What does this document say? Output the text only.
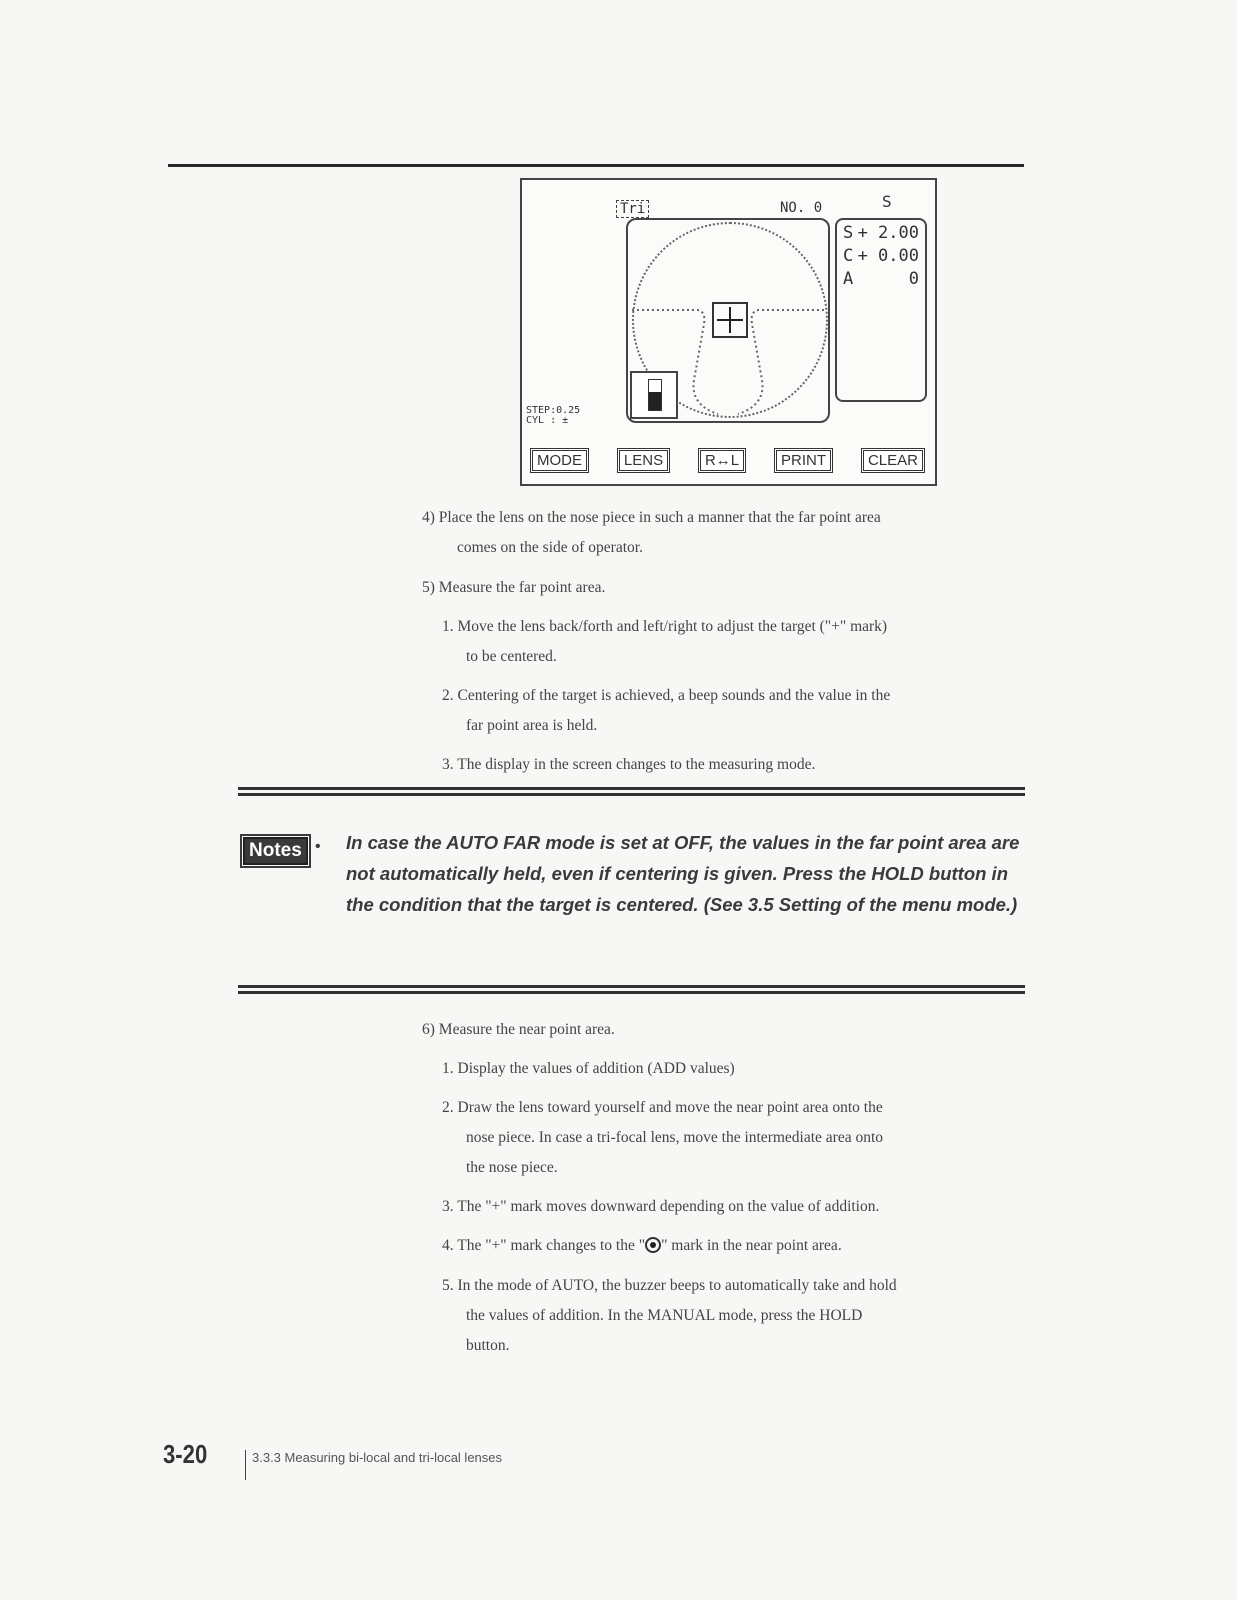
Tri	NO. 0	S
S + 2.00
C + 0.00
A	0
STEP:0.25
CYL : ±
MODE	LENS	R↔L	PRINT	CLEAR
4) Place the lens on the nose piece in such a manner that the far point area
comes on the side of operator.
5) Measure the far point area.
1. Move the lens back/forth and left/right to adjust the target ("+" mark)
to be centered.
2. Centering of the target is achieved, a beep sounds and the value in the
far point area is held.
3. The display in the screen changes to the measuring mode.
Notes • In case the AUTO FAR mode is set at OFF, the values in the far point area are not automatically held, even if centering is given. Press the HOLD button in the condition that the target is centered. (See 3.5 Setting of the menu mode.)
6) Measure the near point area.
1. Display the values of addition (ADD values)
2. Draw the lens toward yourself and move the near point area onto the
nose piece. In case a tri-focal lens, move the intermediate area onto
the nose piece.
3. The "+" mark moves downward depending on the value of addition.
4. The "+" mark changes to the " " mark in the near point area.
5. In the mode of AUTO, the buzzer beeps to automatically take and hold
the values of addition. In the MANUAL mode, press the HOLD
button.
3-20	3.3.3 Measuring bi-local and tri-local lenses
